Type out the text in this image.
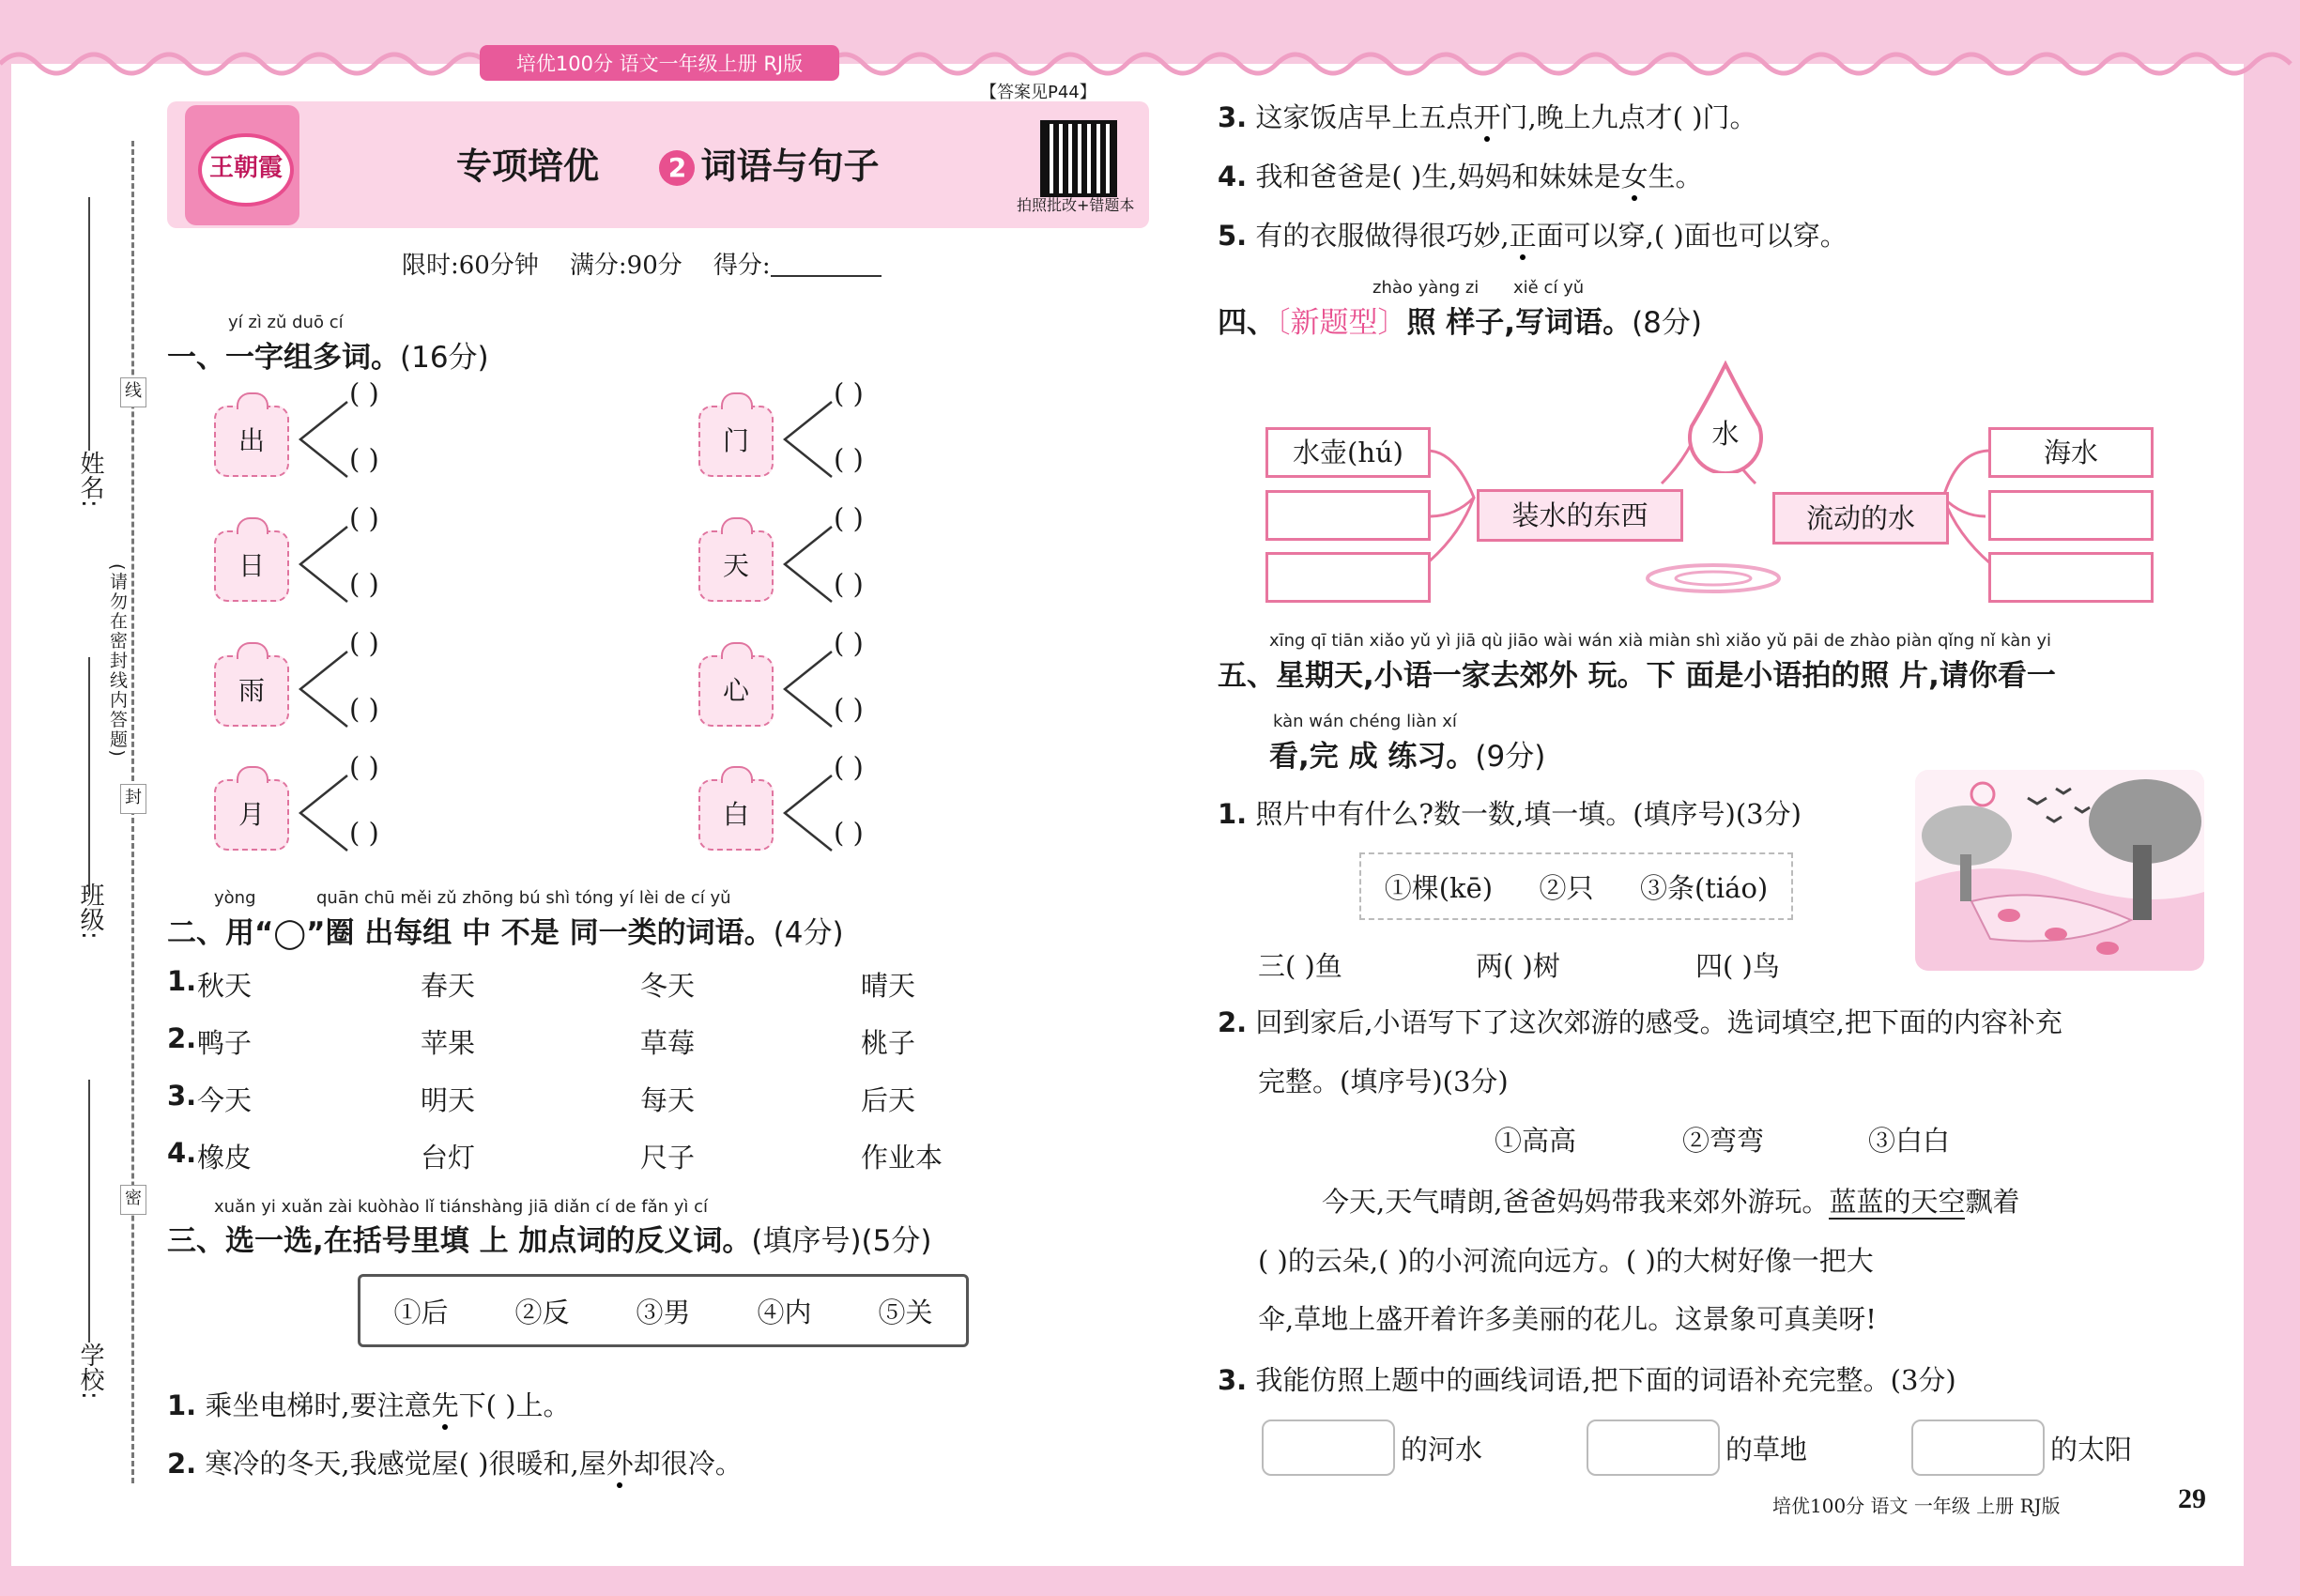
培优100分 语文一年级上册 RJ版
线
封
密
(请勿在密封线内答题)
姓名:
班级:
学校:
王朝霞	专项培优	2 词语与句子
【答案见P44】
拍照批改+错题本
限时:60分钟 满分:90分 得分:
yí zì zǔ duō cí
一、一字组多词。(16分)
出
( )
( )
日
( )
( )
雨
( )
( )
月
( )
( )
门
( )
( )
天
( )
( )
心
( )
( )
白
( )
( )
yòng	quān chū měi zǔ zhōng bú shì tóng yí lèi de cí yǔ
二、用“◯”圈 出每组 中 不是 同一类的词语。(4分)
1. 秋天	春天	冬天	晴天
2. 鸭子	苹果	草莓	桃子
3. 今天	明天	每天	后天
4. 橡皮	台灯	尺子	作业本
xuǎn yi xuǎn zài kuòhào lǐ tiánshàng jiā diǎn cí de fǎn yì cí
三、选一选,在括号里填 上 加点词的反义词。(填序号)(5分)
①后 ②反 ③男 ④内 ⑤关
1. 乘坐电梯时,要注意先下( )上。
2. 寒冷的冬天,我感觉屋( )很暖和,屋外却很冷。
3. 这家饭店早上五点开门,晚上九点才( )门。
4. 我和爸爸是( )生,妈妈和妹妹是女生。
5. 有的衣服做得很巧妙,正面可以穿,( )面也可以穿。
zhào yàng zi xiě cí yǔ
四、〔新题型〕照 样子,写词语。(8分)
水
水壶(hú)
装水的东西	流动的水
海水
xīng qī tiān xiǎo yǔ yì jiā qù jiāo wài wán xià miàn shì xiǎo yǔ pāi de zhào piàn qǐng nǐ kàn yi
五、星期天,小语一家去郊外 玩。下 面是小语拍的照 片,请你看一
kàn wán chéng liàn xí
看,完 成 练习。(9分)
1. 照片中有什么?数一数,填一填。(填序号)(3分)
①棵(kē) ②只 ③条(tiáo)
三( )鱼	两( )树	四( )鸟
2. 回到家后,小语写下了这次郊游的感受。选词填空,把下面的内容补充
完整。(填序号)(3分)
①高高	②弯弯	③白白
今天,天气晴朗,爸爸妈妈带我来郊外游玩。蓝蓝的天空飘着
( )的云朵,( )的小河流向远方。( )的大树好像一把大
伞,草地上盛开着许多美丽的花儿。这景象可真美呀!
3. 我能仿照上题中的画线词语,把下面的词语补充完整。(3分)
的河水	的草地	的太阳
培优100分 语文 一年级 上册 RJ版	29
